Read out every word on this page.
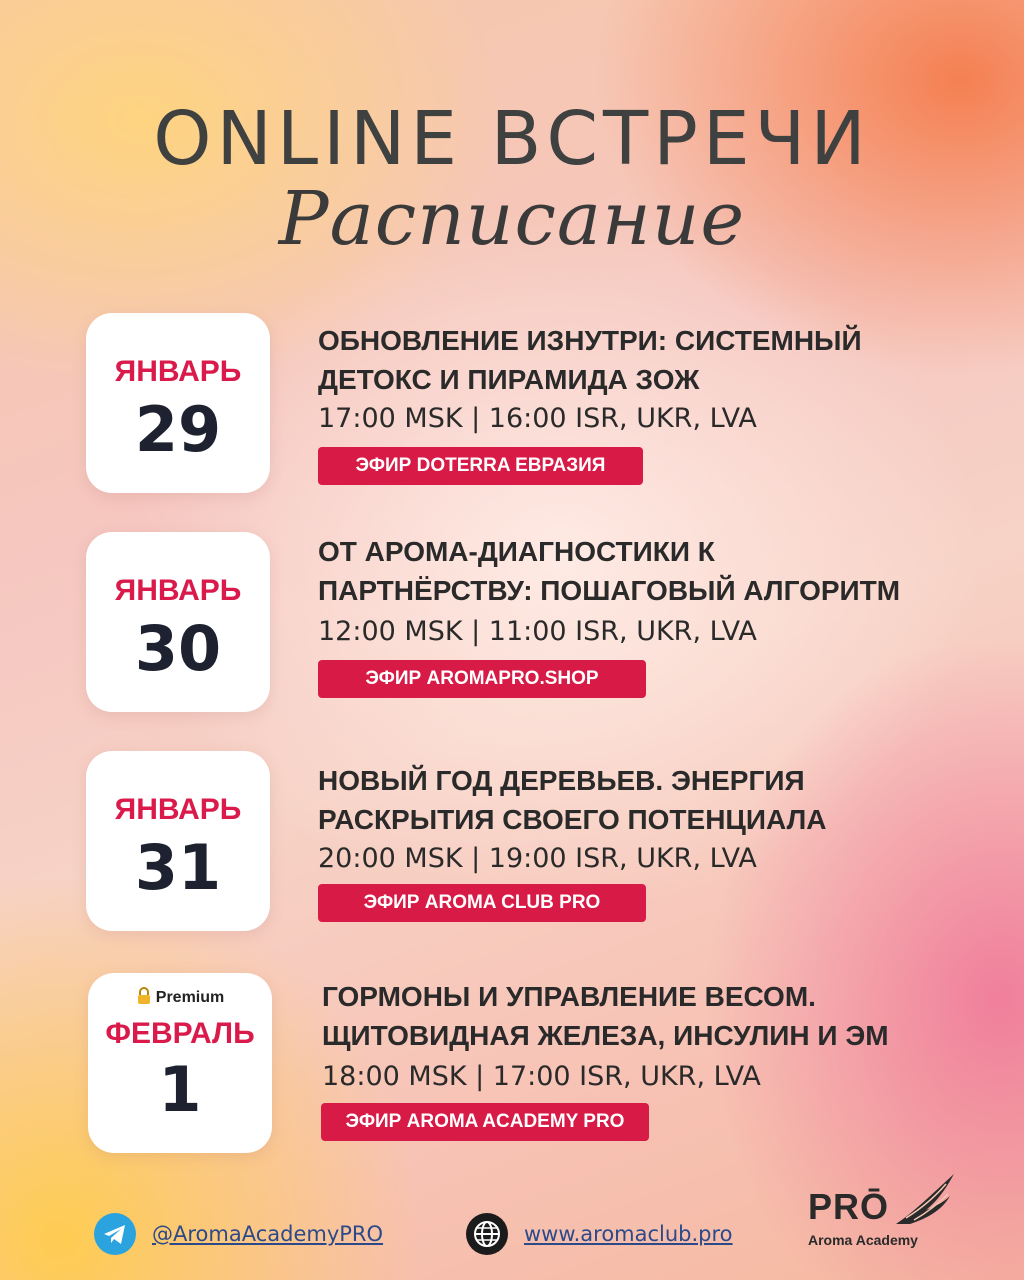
ONLINE ВСТРЕЧИ
Расписание
ЯНВАРЬ
29
ОБНОВЛЕНИЕ ИЗНУТРИ: СИСТЕМНЫЙ
ДЕТОКС И ПИРАМИДА ЗОЖ
17:00 MSK | 16:00 ISR, UKR, LVA
ЭФИР DOTERRA ЕВРАЗИЯ
ЯНВАРЬ
30
ОТ АРОМА-ДИАГНОСТИКИ К
ПАРТНЁРСТВУ: ПОШАГОВЫЙ АЛГОРИТМ
12:00 MSK | 11:00 ISR, UKR, LVA
ЭФИР AROMAPRO.SHOP
ЯНВАРЬ
31
НОВЫЙ ГОД ДЕРЕВЬЕВ. ЭНЕРГИЯ
РАСКРЫТИЯ СВОЕГО ПОТЕНЦИАЛА
20:00 MSK | 19:00 ISR, UKR, LVA
ЭФИР AROMA CLUB PRO
Premium
ФЕВРАЛЬ
1
ГОРМОНЫ И УПРАВЛЕНИЕ ВЕСОМ.
ЩИТОВИДНАЯ ЖЕЛЕЗА, ИНСУЛИН И ЭМ
18:00 MSK | 17:00 ISR, UKR, LVA
ЭФИР AROMA ACADEMY PRO
@AromaAcademyPRO	www.aromaclub.pro
PRŌ
Aroma Academy
